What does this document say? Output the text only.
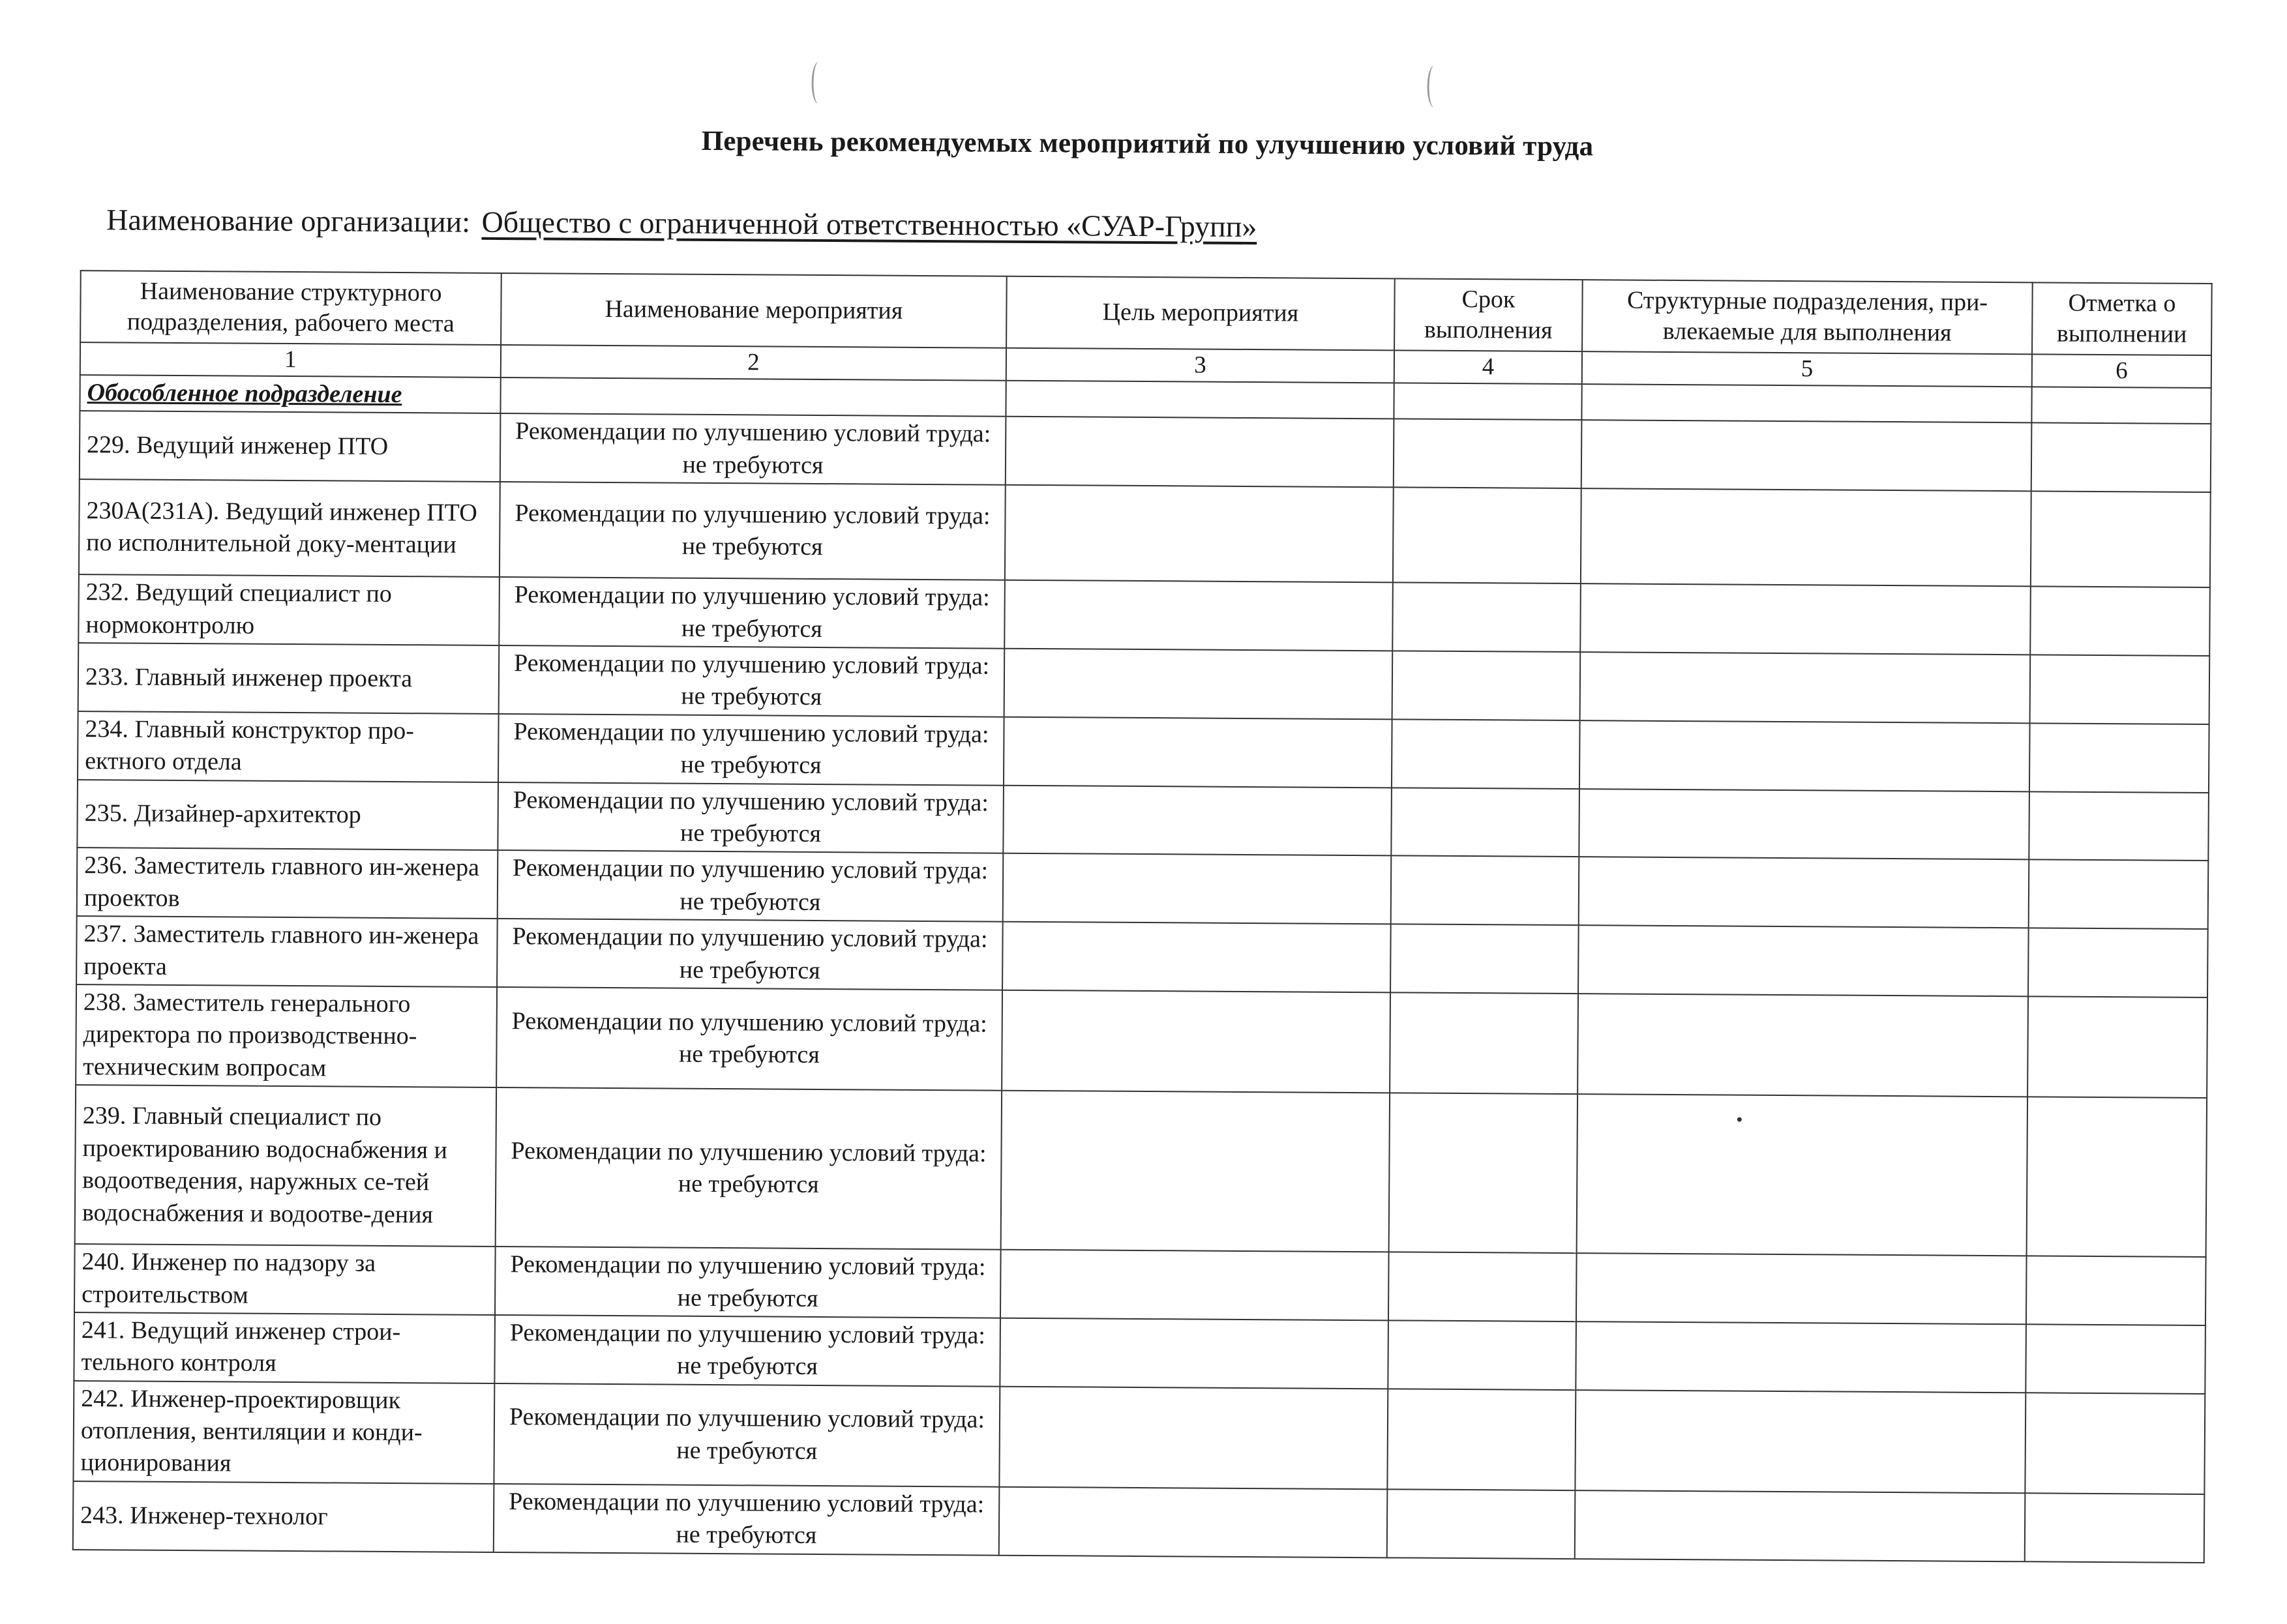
Перечень рекомендуемых мероприятий по улучшению условий труда
Наименование организации: Общество с ограниченной ответственностью «СУАР-Групп»
Наименование структурного подразделения, рабочего места	Наименование мероприятия	Цель мероприятия	Срок выполнения	Структурные подразделения, при-влекаемые для выполнения	Отметка о выполнении
1	2	3	4	5	6
Обособленное подразделение					
229. Ведущий инженер ПТО	Рекомендации по улучшению условий труда: не требуются				
230А(231А). Ведущий инженер ПТО по исполнительной доку-ментации	Рекомендации по улучшению условий труда: не требуются				
232. Ведущий специалист по нормоконтролю	Рекомендации по улучшению условий труда: не требуются				
233. Главный инженер проекта	Рекомендации по улучшению условий труда: не требуются				
234. Главный конструктор про-ектного отдела	Рекомендации по улучшению условий труда: не требуются				
235. Дизайнер-архитектор	Рекомендации по улучшению условий труда: не требуются				
236. Заместитель главного ин-женера проектов	Рекомендации по улучшению условий труда: не требуются				
237. Заместитель главного ин-женера проекта	Рекомендации по улучшению условий труда: не требуются				
238. Заместитель генерального директора по производственно-техническим вопросам	Рекомендации по улучшению условий труда: не требуются				
239. Главный специалист по проектированию водоснабжения и водоотведения, наружных се-тей водоснабжения и водоотве-дения	Рекомендации по улучшению условий труда: не требуются				
240. Инженер по надзору за строительством	Рекомендации по улучшению условий труда: не требуются				
241. Ведущий инженер строи-тельного контроля	Рекомендации по улучшению условий труда: не требуются				
242. Инженер-проектировщик отопления, вентиляции и конди-ционирования	Рекомендации по улучшению условий труда: не требуются				
243. Инженер-технолог	Рекомендации по улучшению условий труда: не требуются				
